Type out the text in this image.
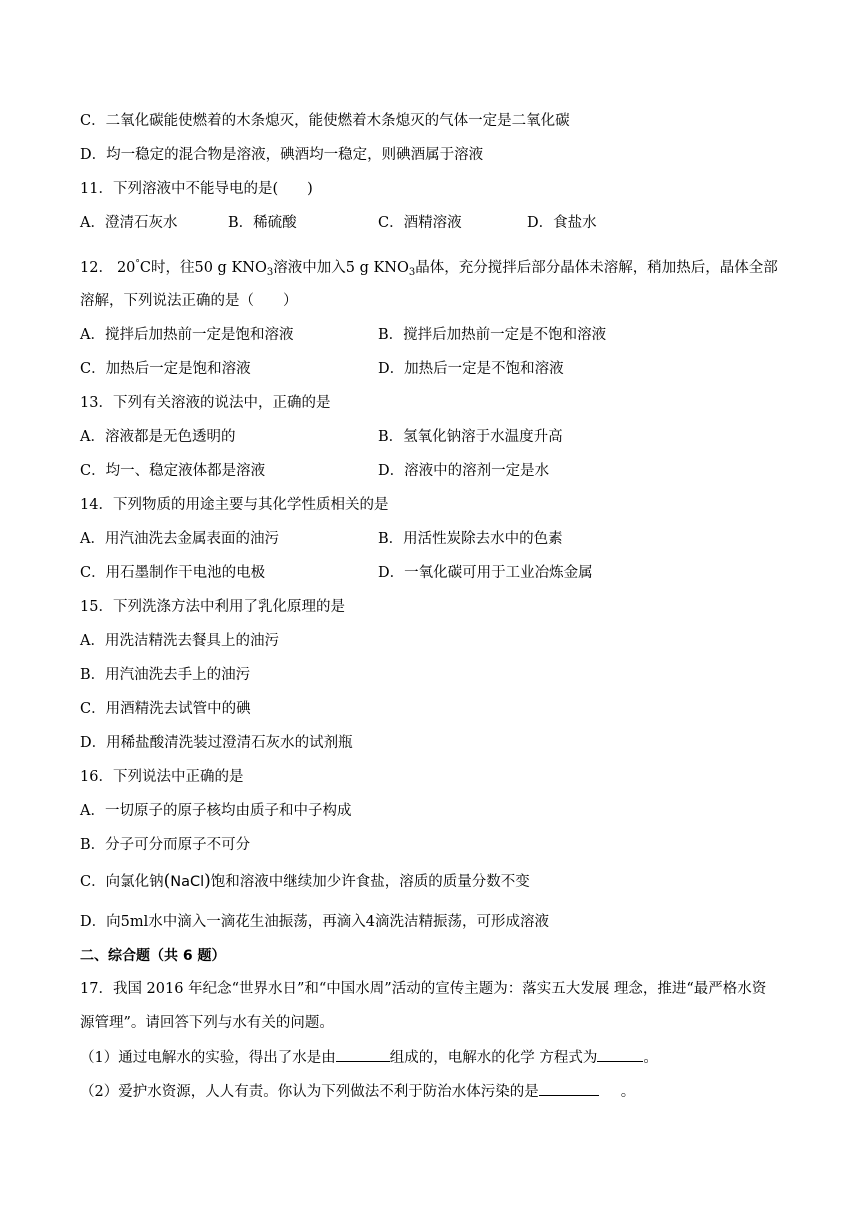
C．二氧化碳能使燃着的木条熄灭，能使燃着木条熄灭的气体一定是二氧化碳
D．均一稳定的混合物是溶液，碘酒均一稳定，则碘酒属于溶液
11．下列溶液中不能导电的是(　　)
A．澄清石灰水	B．稀硫酸	C．酒精溶液	D．食盐水
12． 20°C时，往50 g $KNO_3$溶液中加入5 g $KNO_3$晶体，充分搅拌后部分晶体未溶解，稍加热后，晶体全部
溶解，下列说法正确的是（　　）
A．搅拌后加热前一定是饱和溶液	B．搅拌后加热前一定是不饱和溶液
C．加热后一定是饱和溶液	D．加热后一定是不饱和溶液
13．下列有关溶液的说法中，正确的是
A．溶液都是无色透明的	B．氢氧化钠溶于水温度升高
C．均一、稳定液体都是溶液	D．溶液中的溶剂一定是水
14．下列物质的用途主要与其化学性质相关的是
A．用汽油洗去金属表面的油污	B．用活性炭除去水中的色素
C．用石墨制作干电池的电极	D．一氧化碳可用于工业冶炼金属
15．下列洗涤方法中利用了乳化原理的是
A．用洗洁精洗去餐具上的油污
B．用汽油洗去手上的油污
C．用酒精洗去试管中的碘
D．用稀盐酸清洗装过澄清石灰水的试剂瓶
16．下列说法中正确的是
A．一切原子的原子核均由质子和中子构成
B．分子可分而原子不可分
C．向氯化钠(NaCl)饱和溶液中继续加少许食盐，溶质的质量分数不变
D．向5ml水中滴入一滴花生油振荡，再滴入4滴洗洁精振荡，可形成溶液
二、综合题（共 6 题）
17．我国 2016 年纪念“世界水日”和“中国水周”活动的宣传主题为：落实五大发展 理念，推进“最严格水资
源管理”。请回答下列与水有关的问题。
（1）通过电解水的实验，得出了水是由	组成的，电解水的化学 方程式为	。
（2）爱护水资源，人人有责。你认为下列做法不利于防治水体污染的是	。
